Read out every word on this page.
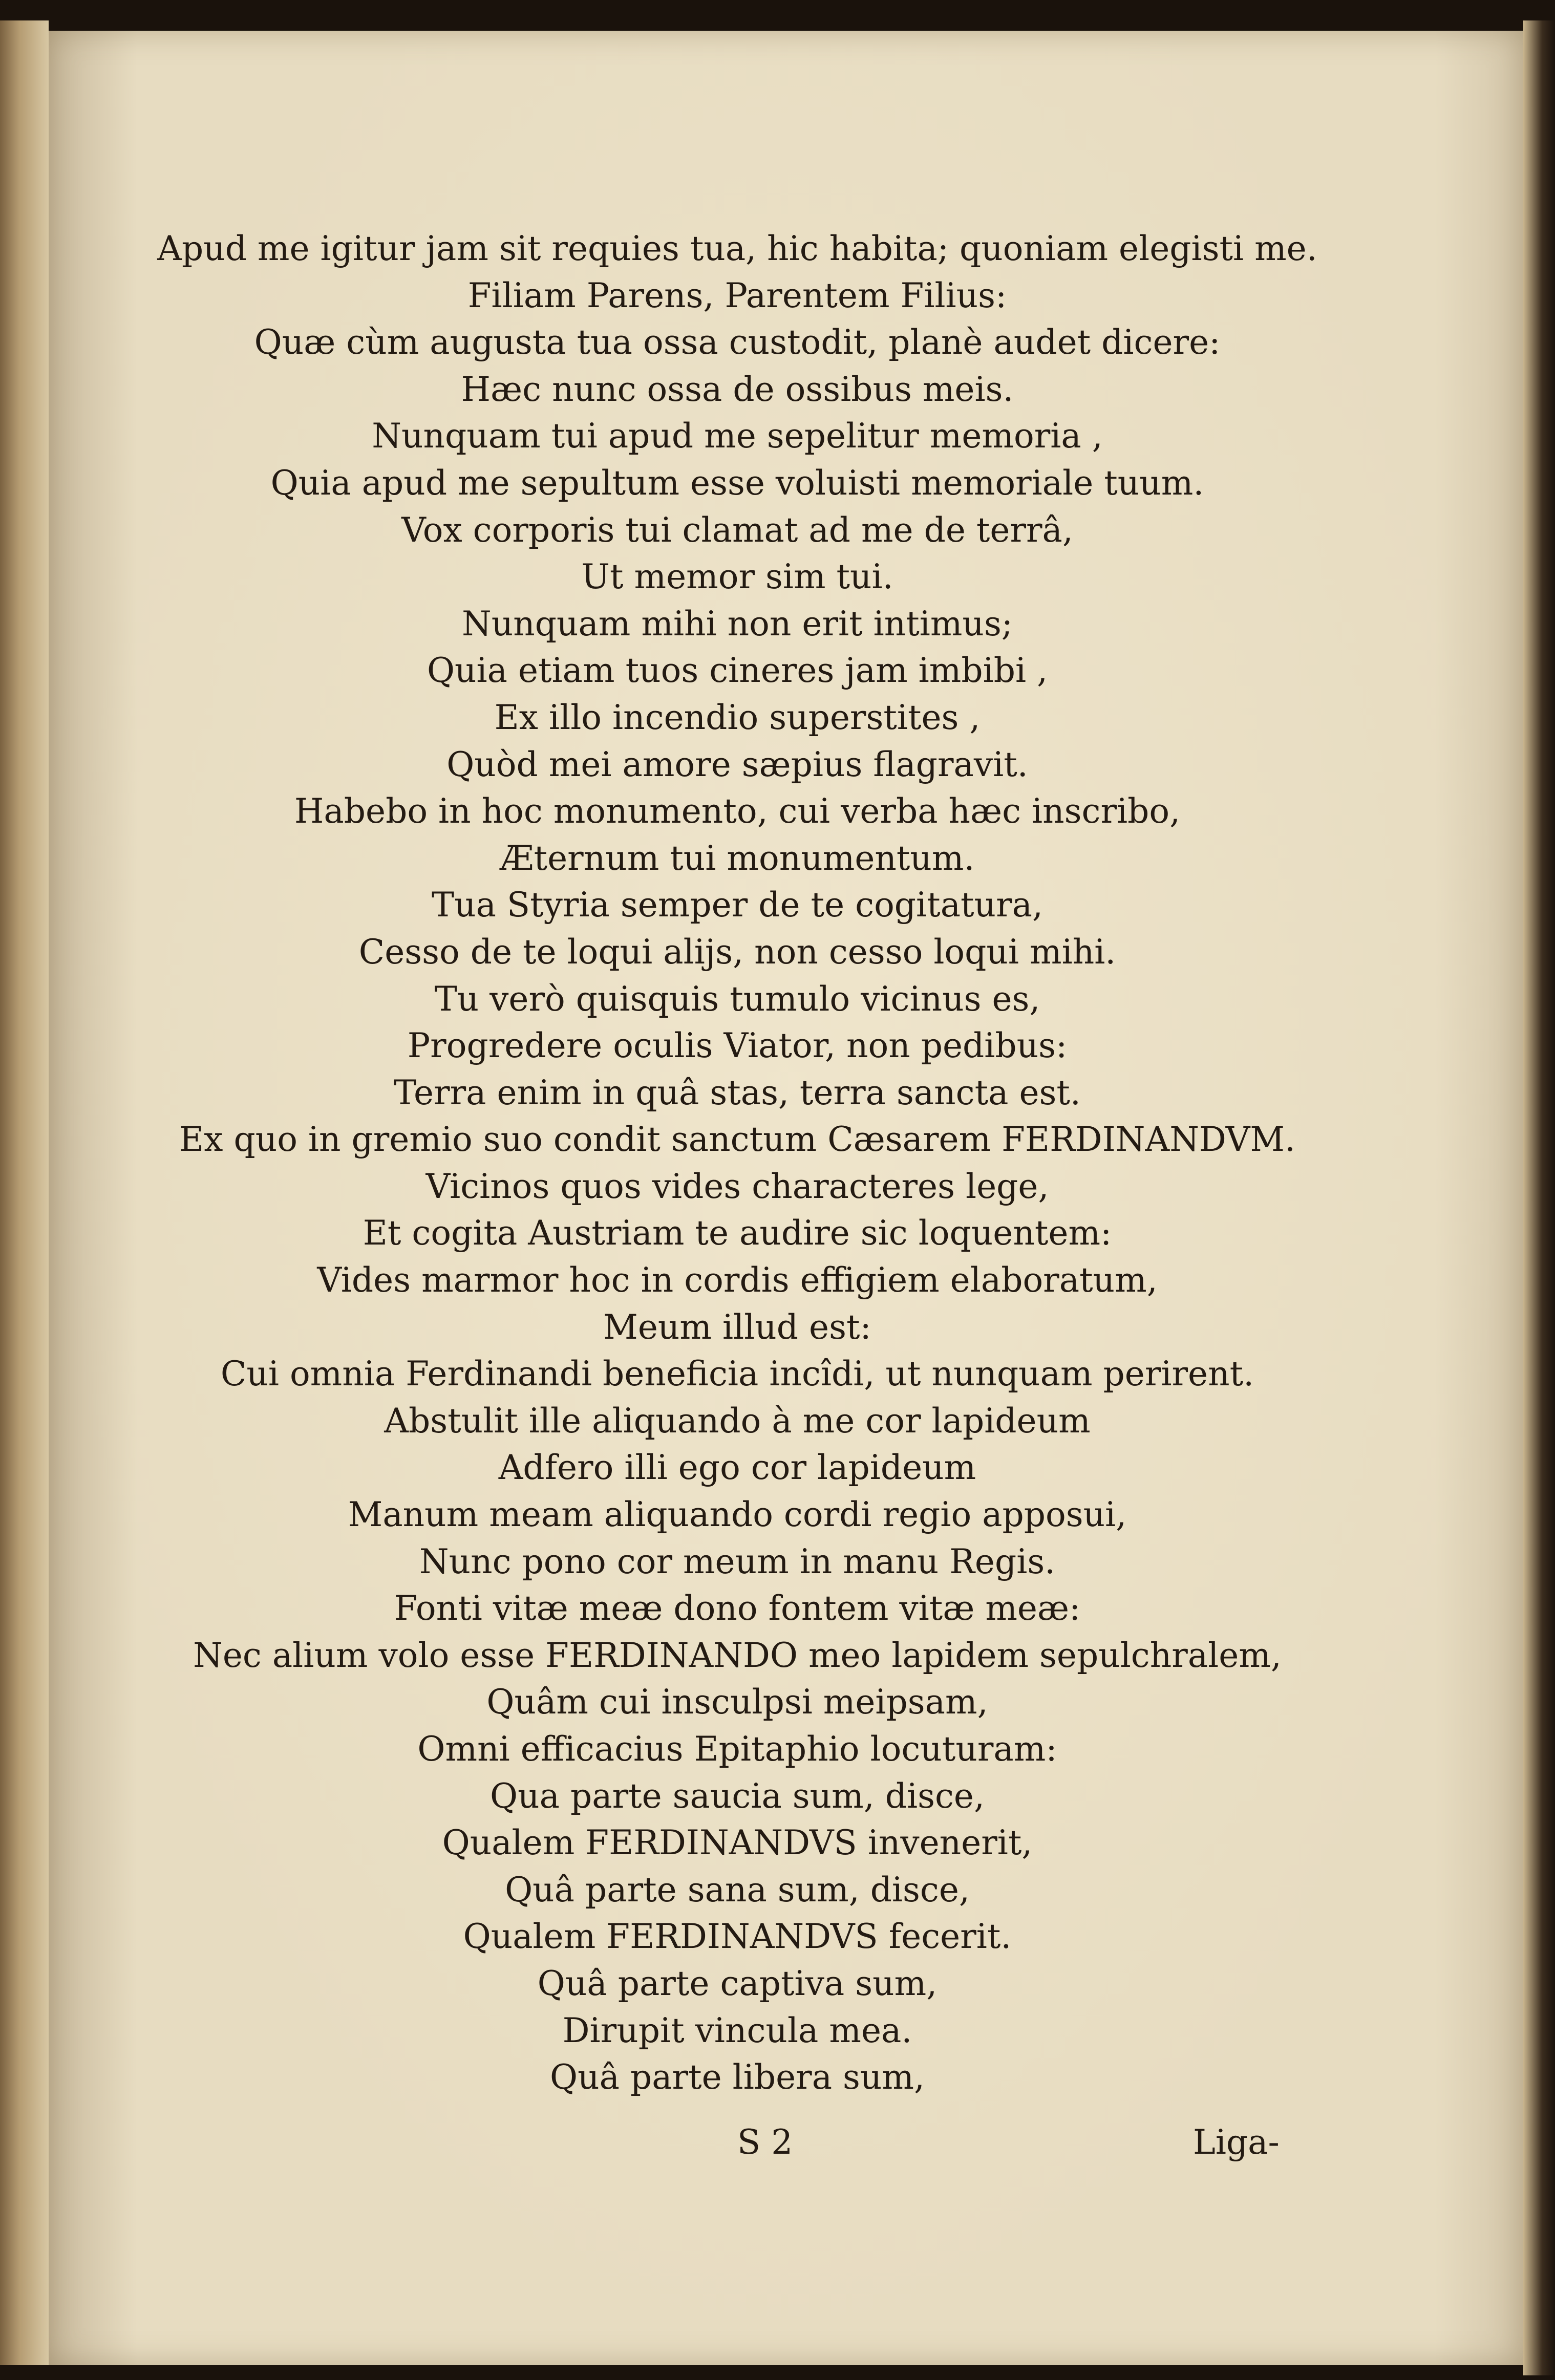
Apud me igitur jam sit requies tua, hic habita; quoniam elegisti me.
Filiam Parens, Parentem Filius:
Quæ cùm augusta tua ossa custodit, planè audet dicere:
Hæc nunc ossa de ossibus meis.
Nunquam tui apud me sepelitur memoria ,
Quia apud me sepultum esse voluisti memoriale tuum.
Vox corporis tui clamat ad me de terrâ,
Ut memor sim tui.
Nunquam mihi non erit intimus;
Quia etiam tuos cineres jam imbibi ,
Ex illo incendio superstites ,
Quòd mei amore sæpius flagravit.
Habebo in hoc monumento, cui verba hæc inscribo,
Æternum tui monumentum.
Tua Styria semper de te cogitatura,
Cesso de te loqui alijs, non cesso loqui mihi.
Tu verò quisquis tumulo vicinus es,
Progredere oculis Viator, non pedibus:
Terra enim in quâ stas, terra sancta est.
Ex quo in gremio suo condit sanctum Cæsarem FERDINANDVM.
Vicinos quos vides characteres lege,
Et cogita Austriam te audire sic loquentem:
Vides marmor hoc in cordis effigiem elaboratum,
Meum illud est:
Cui omnia Ferdinandi beneficia incîdi, ut nunquam perirent.
Abstulit ille aliquando à me cor lapideum
Adfero illi ego cor lapideum
Manum meam aliquando cordi regio apposui,
Nunc pono cor meum in manu Regis.
Fonti vitæ meæ dono fontem vitæ meæ:
Nec alium volo esse FERDINANDO meo lapidem sepulchralem,
Quâm cui insculpsi meipsam,
Omni efficacius Epitaphio locuturam:
Qua parte saucia sum, disce,
Qualem FERDINANDVS invenerit,
Quâ parte sana sum, disce,
Qualem FERDINANDVS fecerit.
Quâ parte captiva sum,
Dirupit vincula mea.
Quâ parte libera sum,
S 2	Liga-
